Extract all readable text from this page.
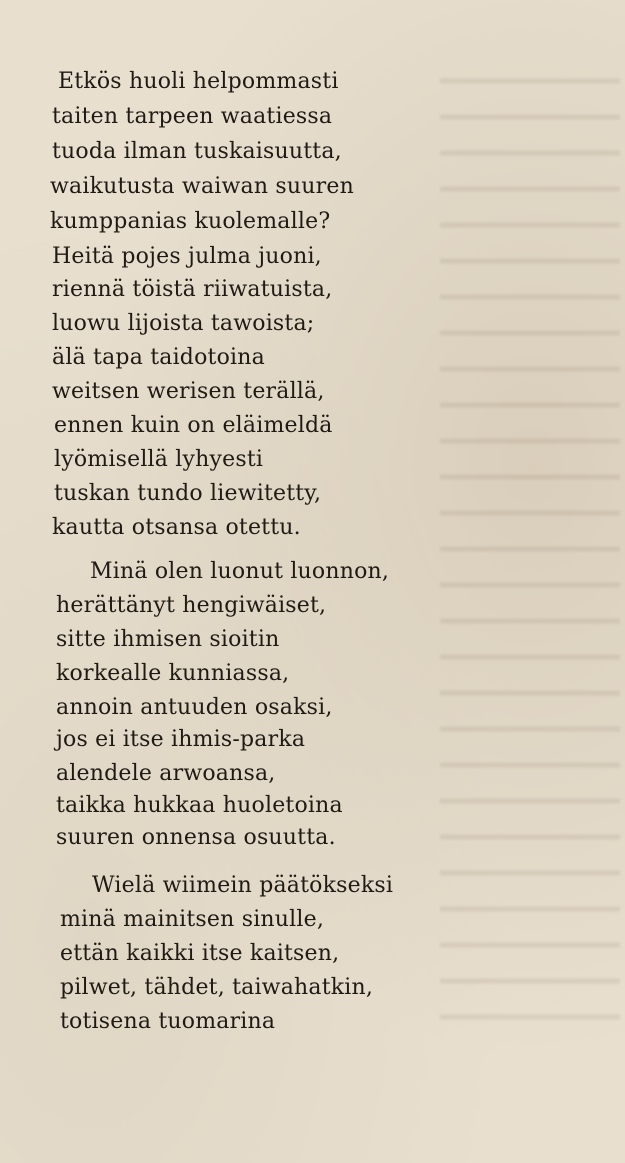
Etkös huoli helpommasti
taiten tarpeen waatiessa
tuoda ilman tuskaisuutta,
waikutusta waiwan suuren
kumppanias kuolemalle?
Heitä pojes julma juoni,
riennä töistä riiwatuista,
luowu lijoista tawoista;
älä tapa taidotoina
weitsen werisen terällä,
ennen kuin on eläimeldä
lyömisellä lyhyesti
tuskan tundo liewitetty,
kautta otsansa otettu.
Minä olen luonut luonnon,
herättänyt hengiwäiset,
sitte ihmisen sioitin
korkealle kunniassa,
annoin antuuden osaksi,
jos ei itse ihmis-parka
alendele arwoansa,
taikka hukkaa huoletoina
suuren onnensa osuutta.
Wielä wiimein päätökseksi
minä mainitsen sinulle,
ettän kaikki itse kaitsen,
pilwet, tähdet, taiwahatkin,
totisena tuomarina
